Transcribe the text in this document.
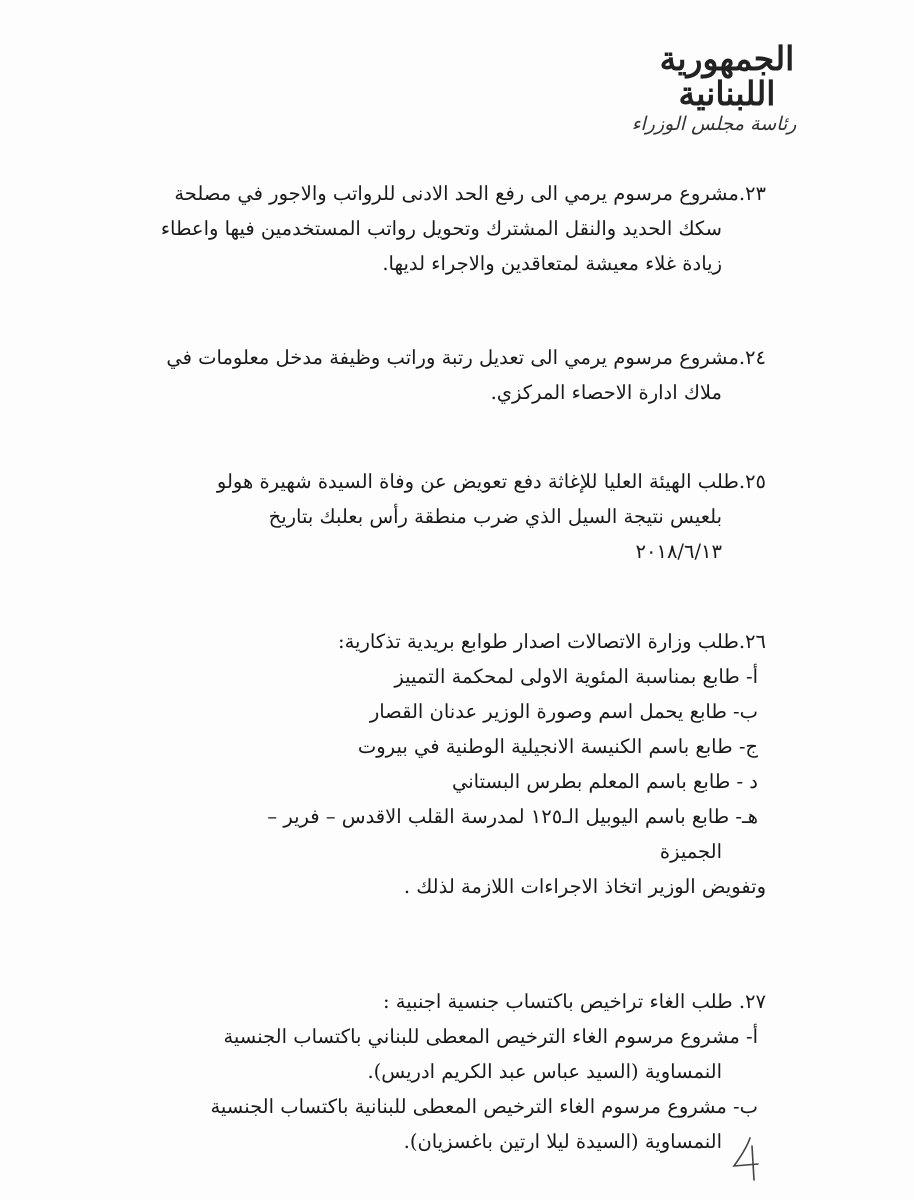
الجمهورية اللبنانية
رئاسة مجلس الوزراء
٢٣.مشروع مرسوم يرمي الى رفع الحد الادنى للرواتب والاجور في مصلحة
سكك الحديد والنقل المشترك وتحويل رواتب المستخدمين فيها واعطاء
زيادة غلاء معيشة لمتعاقدين والاجراء لديها.
٢٤.مشروع مرسوم يرمي الى تعديل رتبة وراتب وظيفة مدخل معلومات في
ملاك ادارة الاحصاء المركزي.
٢٥.طلب الهيئة العليا للإغاثة دفع تعويض عن وفاة السيدة شهيرة هولو
بلعيس نتيجة السيل الذي ضرب منطقة رأس بعلبك بتاريخ
٢٠١٨/٦/١٣
٢٦.طلب وزارة الاتصالات اصدار طوابع بريدية تذكارية:
أ- طابع بمناسبة المئوية الاولى لمحكمة التمييز
ب- طابع يحمل اسم وصورة الوزير عدنان القصار
ج- طابع باسم الكنيسة الانجيلية الوطنية في بيروت
د - طابع باسم المعلم بطرس البستاني
هـ- طابع باسم اليوبيل الـ١٢٥ لمدرسة القلب الاقدس – فرير –
الجميزة
وتفويض الوزير اتخاذ الاجراءات اللازمة لذلك .
٢٧. طلب الغاء تراخيص باكتساب جنسية اجنبية :
أ- مشروع مرسوم الغاء الترخيص المعطى للبناني باكتساب الجنسية
النمساوية (السيد عباس عبد الكريم ادريس).
ب- مشروع مرسوم الغاء الترخيص المعطى للبنانية باكتساب الجنسية
النمساوية (السيدة ليلا ارتين باغسزيان).
